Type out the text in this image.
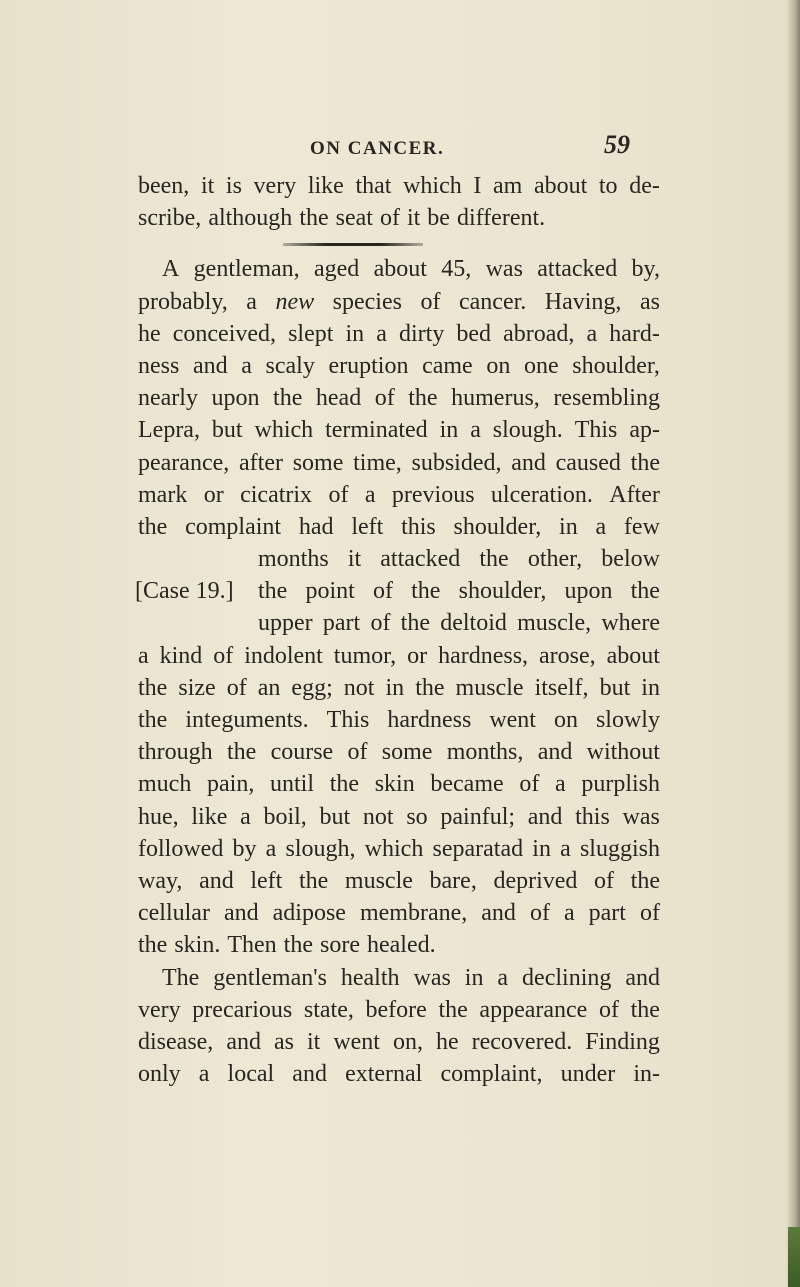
ON CANCER.	59
been, it is very like that which I am about to de-
scribe, although the seat of it be different.
A gentleman, aged about 45, was attacked by,
probably, a new species of cancer. Having, as
he conceived, slept in a dirty bed abroad, a hard-
ness and a scaly eruption came on one shoulder,
nearly upon the head of the humerus, resembling
Lepra, but which terminated in a slough. This ap-
pearance, after some time, subsided, and caused the
mark or cicatrix of a previous ulceration. After
the complaint had left this shoulder, in a few
months it attacked the other, below
[Case 19.] the point of the shoulder, upon the
upper part of the deltoid muscle, where
a kind of indolent tumor, or hardness, arose, about
the size of an egg; not in the muscle itself, but in
the integuments. This hardness went on slowly
through the course of some months, and without
much pain, until the skin became of a purplish
hue, like a boil, but not so painful; and this was
followed by a slough, which separatad in a sluggish
way, and left the muscle bare, deprived of the
cellular and adipose membrane, and of a part of
the skin. Then the sore healed.
The gentleman's health was in a declining and
very precarious state, before the appearance of the
disease, and as it went on, he recovered. Finding
only a local and external complaint, under in-
